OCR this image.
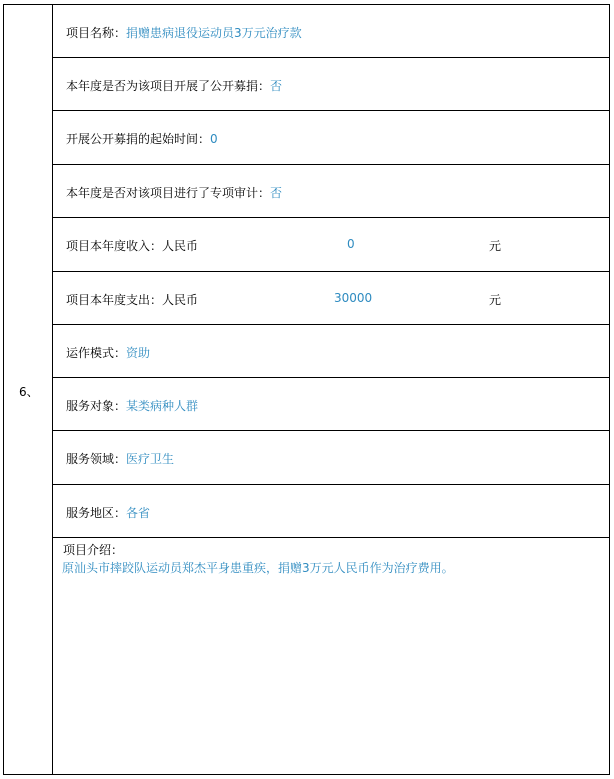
6、
项目名称：捐赠患病退役运动员3万元治疗款
本年度是否为该项目开展了公开募捐：否
开展公开募捐的起始时间：0
本年度是否对该项目进行了专项审计：否
项目本年度收入：人民币	0	元
项目本年度支出：人民币	30000	元
运作模式：资助
服务对象：某类病种人群
服务领域：医疗卫生
服务地区：各省
项目介绍：
原汕头市摔跤队运动员郑杰平身患重疾，捐赠3万元人民币作为治疗费用。
